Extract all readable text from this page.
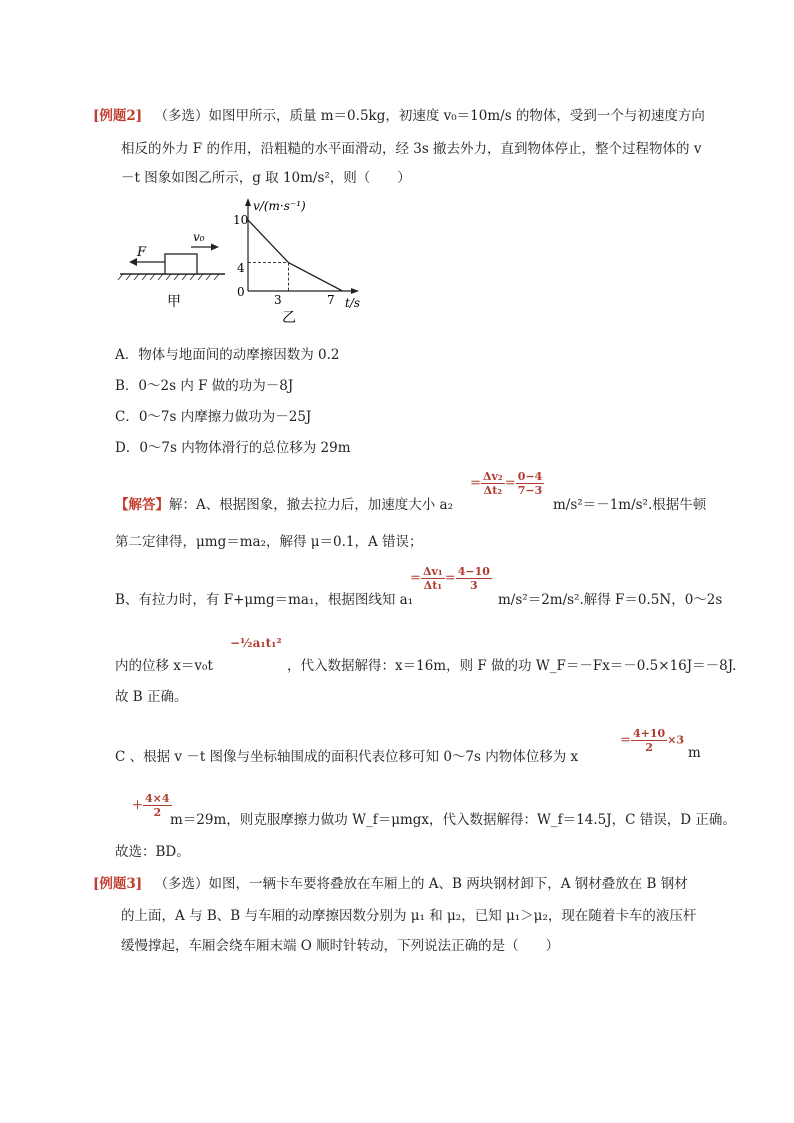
[例题2] （多选）如图甲所示，质量 m＝0.5kg，初速度 v₀＝10m/s 的物体，受到一个与初速度方向
相反的外力 F 的作用，沿粗糙的水平面滑动，经 3s 撤去外力，直到物体停止，整个过程物体的 v
－t 图象如图乙所示，g 取 10m/s²，则（　　）
F
v₀
甲
v/(m·s⁻¹)
t/s
10
4
0
3	7
乙
A．物体与地面间的动摩擦因数为 0.2
B．0～2s 内 F 做的功为－8J
C．0～7s 内摩擦力做功为－25J
D．0～7s 内物体滑行的总位移为 29m
【解答】解：A、根据图象，撤去拉力后，加速度大小 a₂
＝ $\frac{\text{Δv₂}}{\text{Δt₂}} = \frac{0-4}{7-3}$
m/s²＝－1m/s².根据牛顿
第二定律得，μmg＝ma₂，解得 μ＝0.1，A 错误；
B、有拉力时，有 F+μmg＝ma₁，根据图线知 a₁
＝ $\frac{\text{Δv₁}}{\text{Δt₁}} = \frac{4-10}{3}$
m/s²＝2m/s².解得 F＝0.5N，0～2s
内的位移 x＝v₀t
−½a₁t₁²
，代入数据解得：x＝16m，则 F 做的功 W_F＝－Fx＝－0.5×16J＝－8J.
故 B 正确。
C 、根据 v －t 图像与坐标轴围成的面积代表位移可知 0～7s 内物体位移为 x
＝ $\frac{4+10}{2} \times 3$
m
＋ $\frac{4\times 4}{2}$
m＝29m，则克服摩擦力做功 W_f＝μmgx，代入数据解得：W_f＝14.5J，C 错误，D 正确。
故选：BD。
[例题3] （多选）如图，一辆卡车要将叠放在车厢上的 A、B 两块钢材卸下，A 钢材叠放在 B 钢材
的上面，A 与 B、B 与车厢的动摩擦因数分别为 μ₁ 和 μ₂，已知 μ₁＞μ₂，现在随着卡车的液压杆
缓慢撑起，车厢会绕车厢末端 O 顺时针转动，下列说法正确的是（　　）
